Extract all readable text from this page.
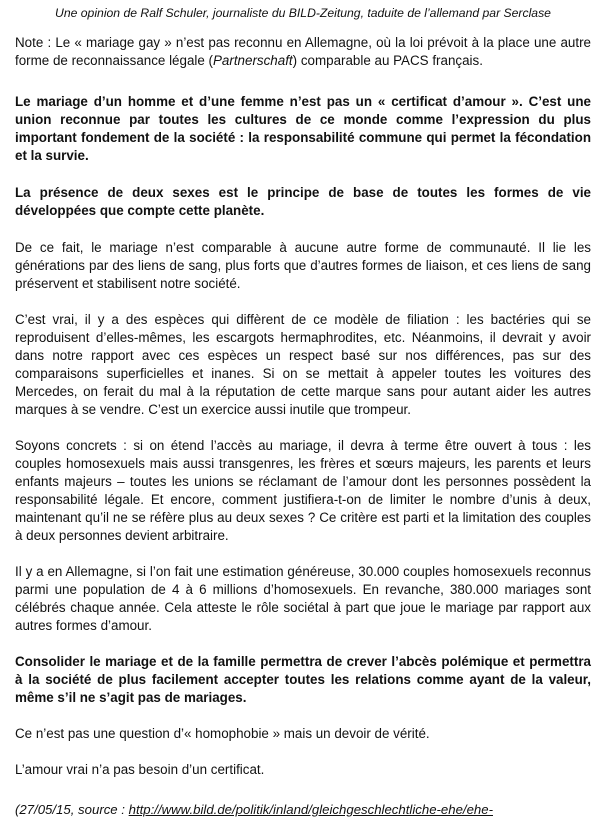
Une opinion de Ralf Schuler, journaliste du BILD-Zeitung, taduite de l’allemand par Serclase

Note : Le « mariage gay » n’est pas reconnu en Allemagne, où la loi prévoit à la place une autre forme de reconnaissance légale (Partnerschaft) comparable au PACS français.

Le mariage d’un homme et d’une femme n’est pas un « certificat d’amour ». C’est une union reconnue par toutes les cultures de ce monde comme l’expression du plus important fondement de la société : la responsabilité commune qui permet la fécondation et la survie.

La présence de deux sexes est le principe de base de toutes les formes de vie développées que compte cette planète.

De ce fait, le mariage n’est comparable à aucune autre forme de communauté. Il lie les générations par des liens de sang, plus forts que d’autres formes de liaison, et ces liens de sang préservent et stabilisent notre société.

C’est vrai, il y a des espèces qui diffèrent de ce modèle de filiation : les bactéries qui se reproduisent d’elles-mêmes, les escargots hermaphrodites, etc. Néanmoins, il devrait y avoir dans notre rapport avec ces espèces un respect basé sur nos différences, pas sur des comparaisons superficielles et inanes. Si on se mettait à appeler toutes les voitures des Mercedes, on ferait du mal à la réputation de cette marque sans pour autant aider les autres marques à se vendre. C’est un exercice aussi inutile que trompeur.

Soyons concrets : si on étend l’accès au mariage, il devra à terme être ouvert à tous : les couples homosexuels mais aussi transgenres, les frères et sœurs majeurs, les parents et leurs enfants majeurs – toutes les unions se réclamant de l’amour dont les personnes possèdent la responsabilité légale. Et encore, comment justifiera-t-on de limiter le nombre d’unis à deux, maintenant qu’il ne se réfère plus au deux sexes ? Ce critère est parti et la limitation des couples à deux personnes devient arbitraire.

Il y a en Allemagne, si l’on fait une estimation généreuse, 30.000 couples homosexuels reconnus parmi une population de 4 à 6 millions d’homosexuels. En revanche, 380.000 mariages sont célébrés chaque année. Cela atteste le rôle sociétal à part que joue le mariage par rapport aux autres formes d’amour.

Consolider le mariage et de la famille permettra de crever l’abcès polémique et permettra à la société de plus facilement accepter toutes les relations comme ayant de la valeur, même s’il ne s’agit pas de mariages.

Ce n’est pas une question d’« homophobie » mais un devoir de vérité.

L’amour vrai n’a pas besoin d’un certificat.

(27/05/15, source : http://www.bild.de/politik/inland/gleichgeschlechtliche-ehe/ehe-
